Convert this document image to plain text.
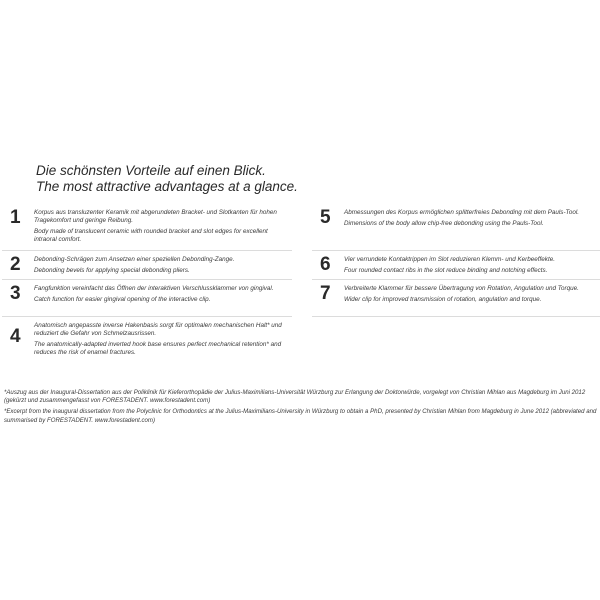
Die schönsten Vorteile auf einen Blick.
The most attractive advantages at a glance.
1	Korpus aus transluzenter Keramik mit abgerundeten Bracket- und Slotkanten für hohen Tragekomfort und geringe Reibung.

Body made of translucent ceramic with rounded bracket and slot edges for excellent intraoral comfort.

2	Debonding-Schrägen zum Ansetzen einer speziellen Debonding-Zange.

Debonding bevels for applying special debonding pliers.

3	Fangfunktion vereinfacht das Öffnen der interaktiven Verschlussklammer von gingival.

Catch function for easier gingival opening of the interactive clip.

4

Anatomisch angepasste inverse Hakenbasis sorgt für optimalen mechanischen Halt* und reduziert die Gefahr von Schmelzausrissen.

The anatomically-adapted inverted hook base ensures perfect mechanical retention* and reduces the risk of enamel fractures.

5	Abmessungen des Korpus ermöglichen splitterfreies Debonding mit dem Pauls-Tool.

Dimensions of the body allow chip-free debonding using the Pauls-Tool.

6	Vier verrundete Kontaktrippen im Slot reduzieren Klemm- und Kerbeeffekte.

Four rounded contact ribs in the slot reduce binding and notching effects.

7	Verbreiterte Klammer für bessere Übertragung von Rotation, Angulation und Torque.

Wider clip for improved transmission of rotation, angulation and torque.

*Auszug aus der Inaugural-Dissertation aus der Poliklinik für Kieferorthopädie der Julius-Maximilians-Universität Würzburg zur Erlangung der Doktorwürde, vorgelegt von Christian Mihlan aus Magdeburg im Juni 2012 (gekürzt und zusammengefasst von FORESTADENT. www.forestadent.com)

*Excerpt from the inaugural dissertation from the Polyclinic for Orthodontics at the Julius-Maximilians-University in Würzburg to obtain a PhD, presented by Christian Mihlan from Magdeburg in June 2012 (abbreviated and summarised by FORESTADENT. www.forestadent.com)
